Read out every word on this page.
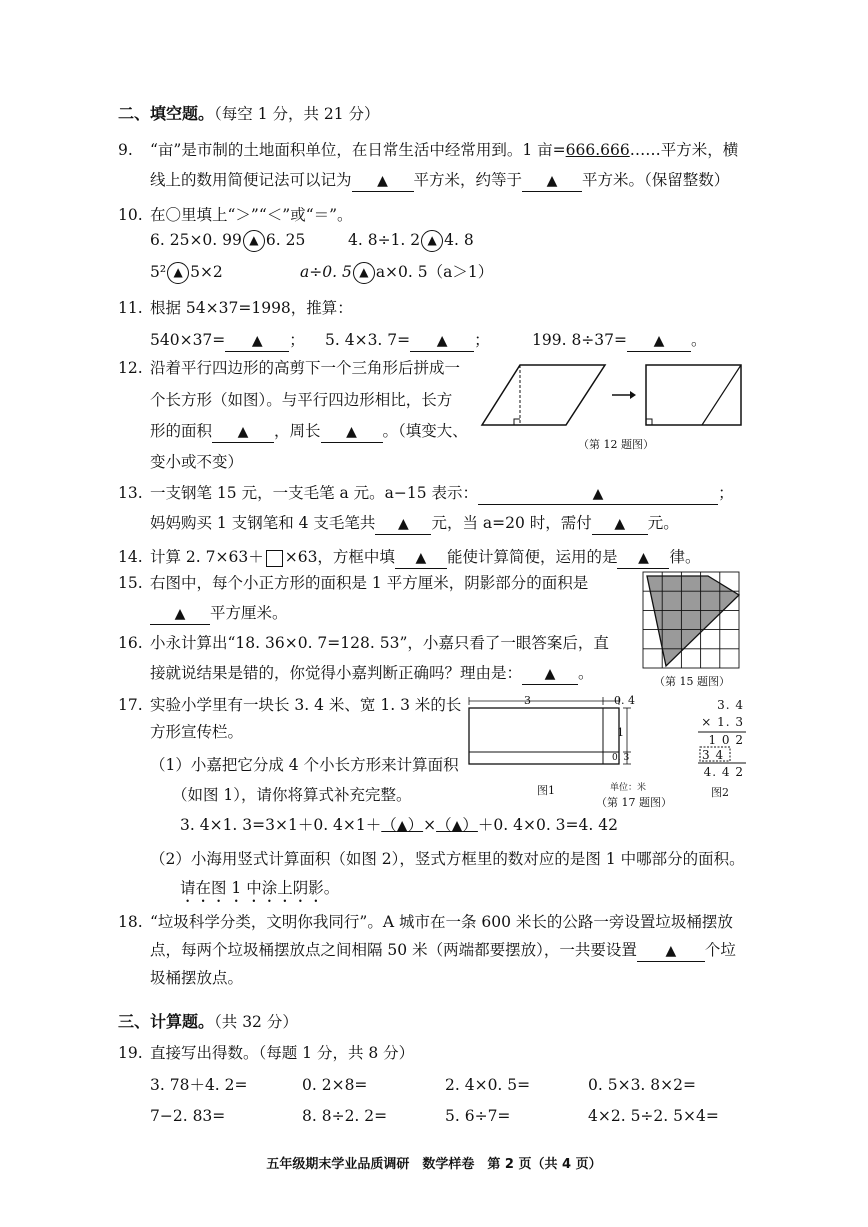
二、填空题。（每空 1 分，共 21 分）
9. “亩”是市制的土地面积单位，在日常生活中经常用到。1 亩=666.666……平方米，横
线上的数用简便记法可以记为 ▲ 平方米，约等于 ▲ 平方米。（保留整数）
10. 在〇里填上“＞”“＜”或“＝”。
6. 25×0. 99 ▲ 6. 25	4. 8÷1. 2 ▲ 4. 8
5² ▲ 5×2	a÷0. 5 ▲ a×0. 5（a＞1）
11. 根据 54×37=1998，推算：
540×37= ▲ ； 5. 4×3. 7= ▲ ；	199. 8÷37= ▲ 。
12. 沿着平行四边形的高剪下一个三角形后拼成一
个长方形（如图）。与平行四边形相比，长方
形的面积 ▲ ，周长 ▲ 。（填变大、
变小或不变）
（第 12 题图）
13. 一支钢笔 15 元，一支毛笔 a 元。a−15 表示：	▲	；
妈妈购买 1 支钢笔和 4 支毛笔共 ▲ 元，当 a=20 时，需付 ▲ 元。
14. 计算 2. 7×63＋ ×63，方框中填 ▲ 能使计算简便，运用的是 ▲ 律。
15. 右图中，每个小正方形的面积是 1 平方厘米，阴影部分的面积是
▲ 平方厘米。
（第 15 题图）
16. 小永计算出“18. 36×0. 7=128. 53”，小嘉只看了一眼答案后，直
接就说结果是错的，你觉得小嘉判断正确吗？理由是： ▲ 。
17. 实验小学里有一块长 3. 4 米、宽 1. 3 米的长
方形宣传栏。
（1）小嘉把它分成 4 个小长方形来计算面积
（如图 1），请你将算式补充完整。
3. 4×1. 3=3×1＋0. 4×1＋（▲）×（▲）＋0. 4×0. 3=4. 42
（2）小海用竖式计算面积（如图 2），竖式方框里的数对应的是图 1 中哪部分的面积。
请在图 1 中涂上阴影。
3	0. 4
1
0. 3
图1	单位：米
（第 17 题图）
3. 4
× 1. 3
1 0 2
3 4
4. 4 2
图2
18. “垃圾科学分类，文明你我同行”。A 城市在一条 600 米长的公路一旁设置垃圾桶摆放
点，每两个垃圾桶摆放点之间相隔 50 米（两端都要摆放），一共要设置 ▲ 个垃
圾桶摆放点。
三、计算题。（共 32 分）
19. 直接写出得数。（每题 1 分，共 8 分）
3. 78＋4. 2=	0. 2×8=	2. 4×0. 5=	0. 5×3. 8×2=
7−2. 83=	8. 8÷2. 2=	5. 6÷7=	4×2. 5÷2. 5×4=
五年级期末学业品质调研　数学样卷　第 2 页（共 4 页）
